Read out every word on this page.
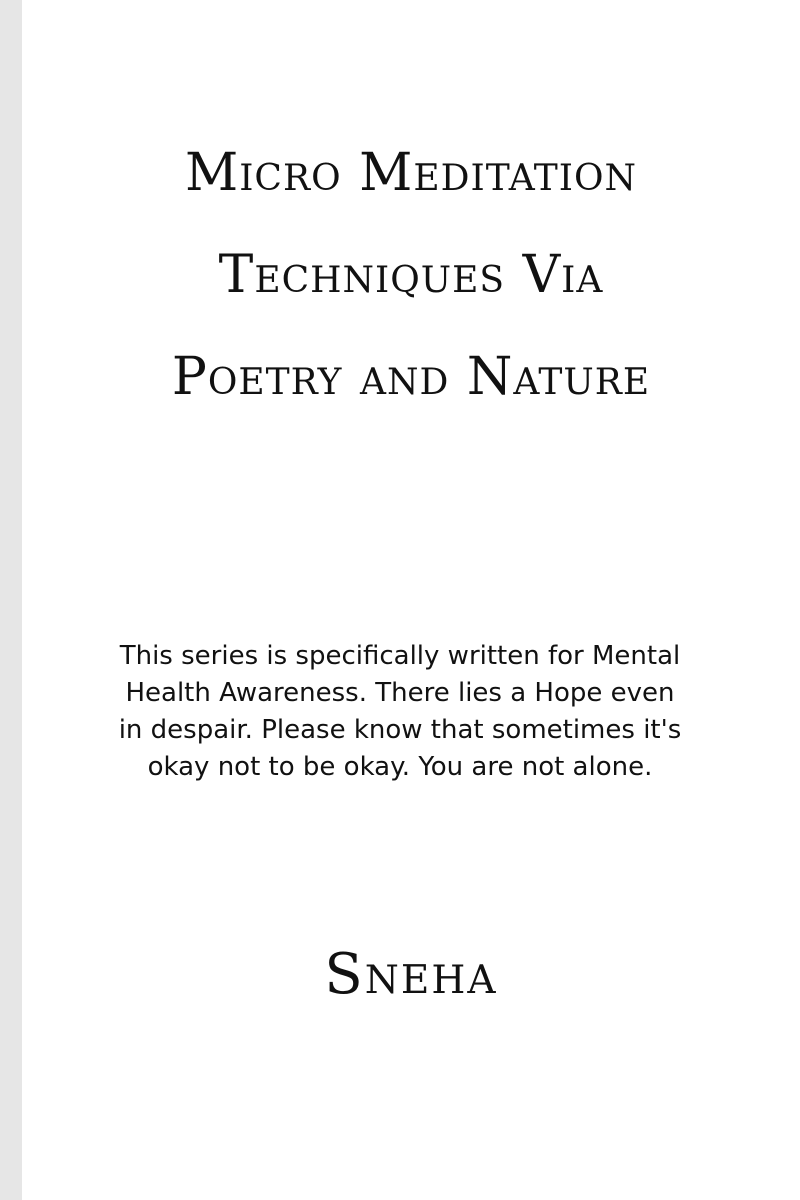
Micro Meditation
Techniques Via
Poetry and Nature

This series is specifically written for Mental
Health Awareness. There lies a Hope even
in despair. Please know that sometimes it's
okay not to be okay. You are not alone.

Sneha
